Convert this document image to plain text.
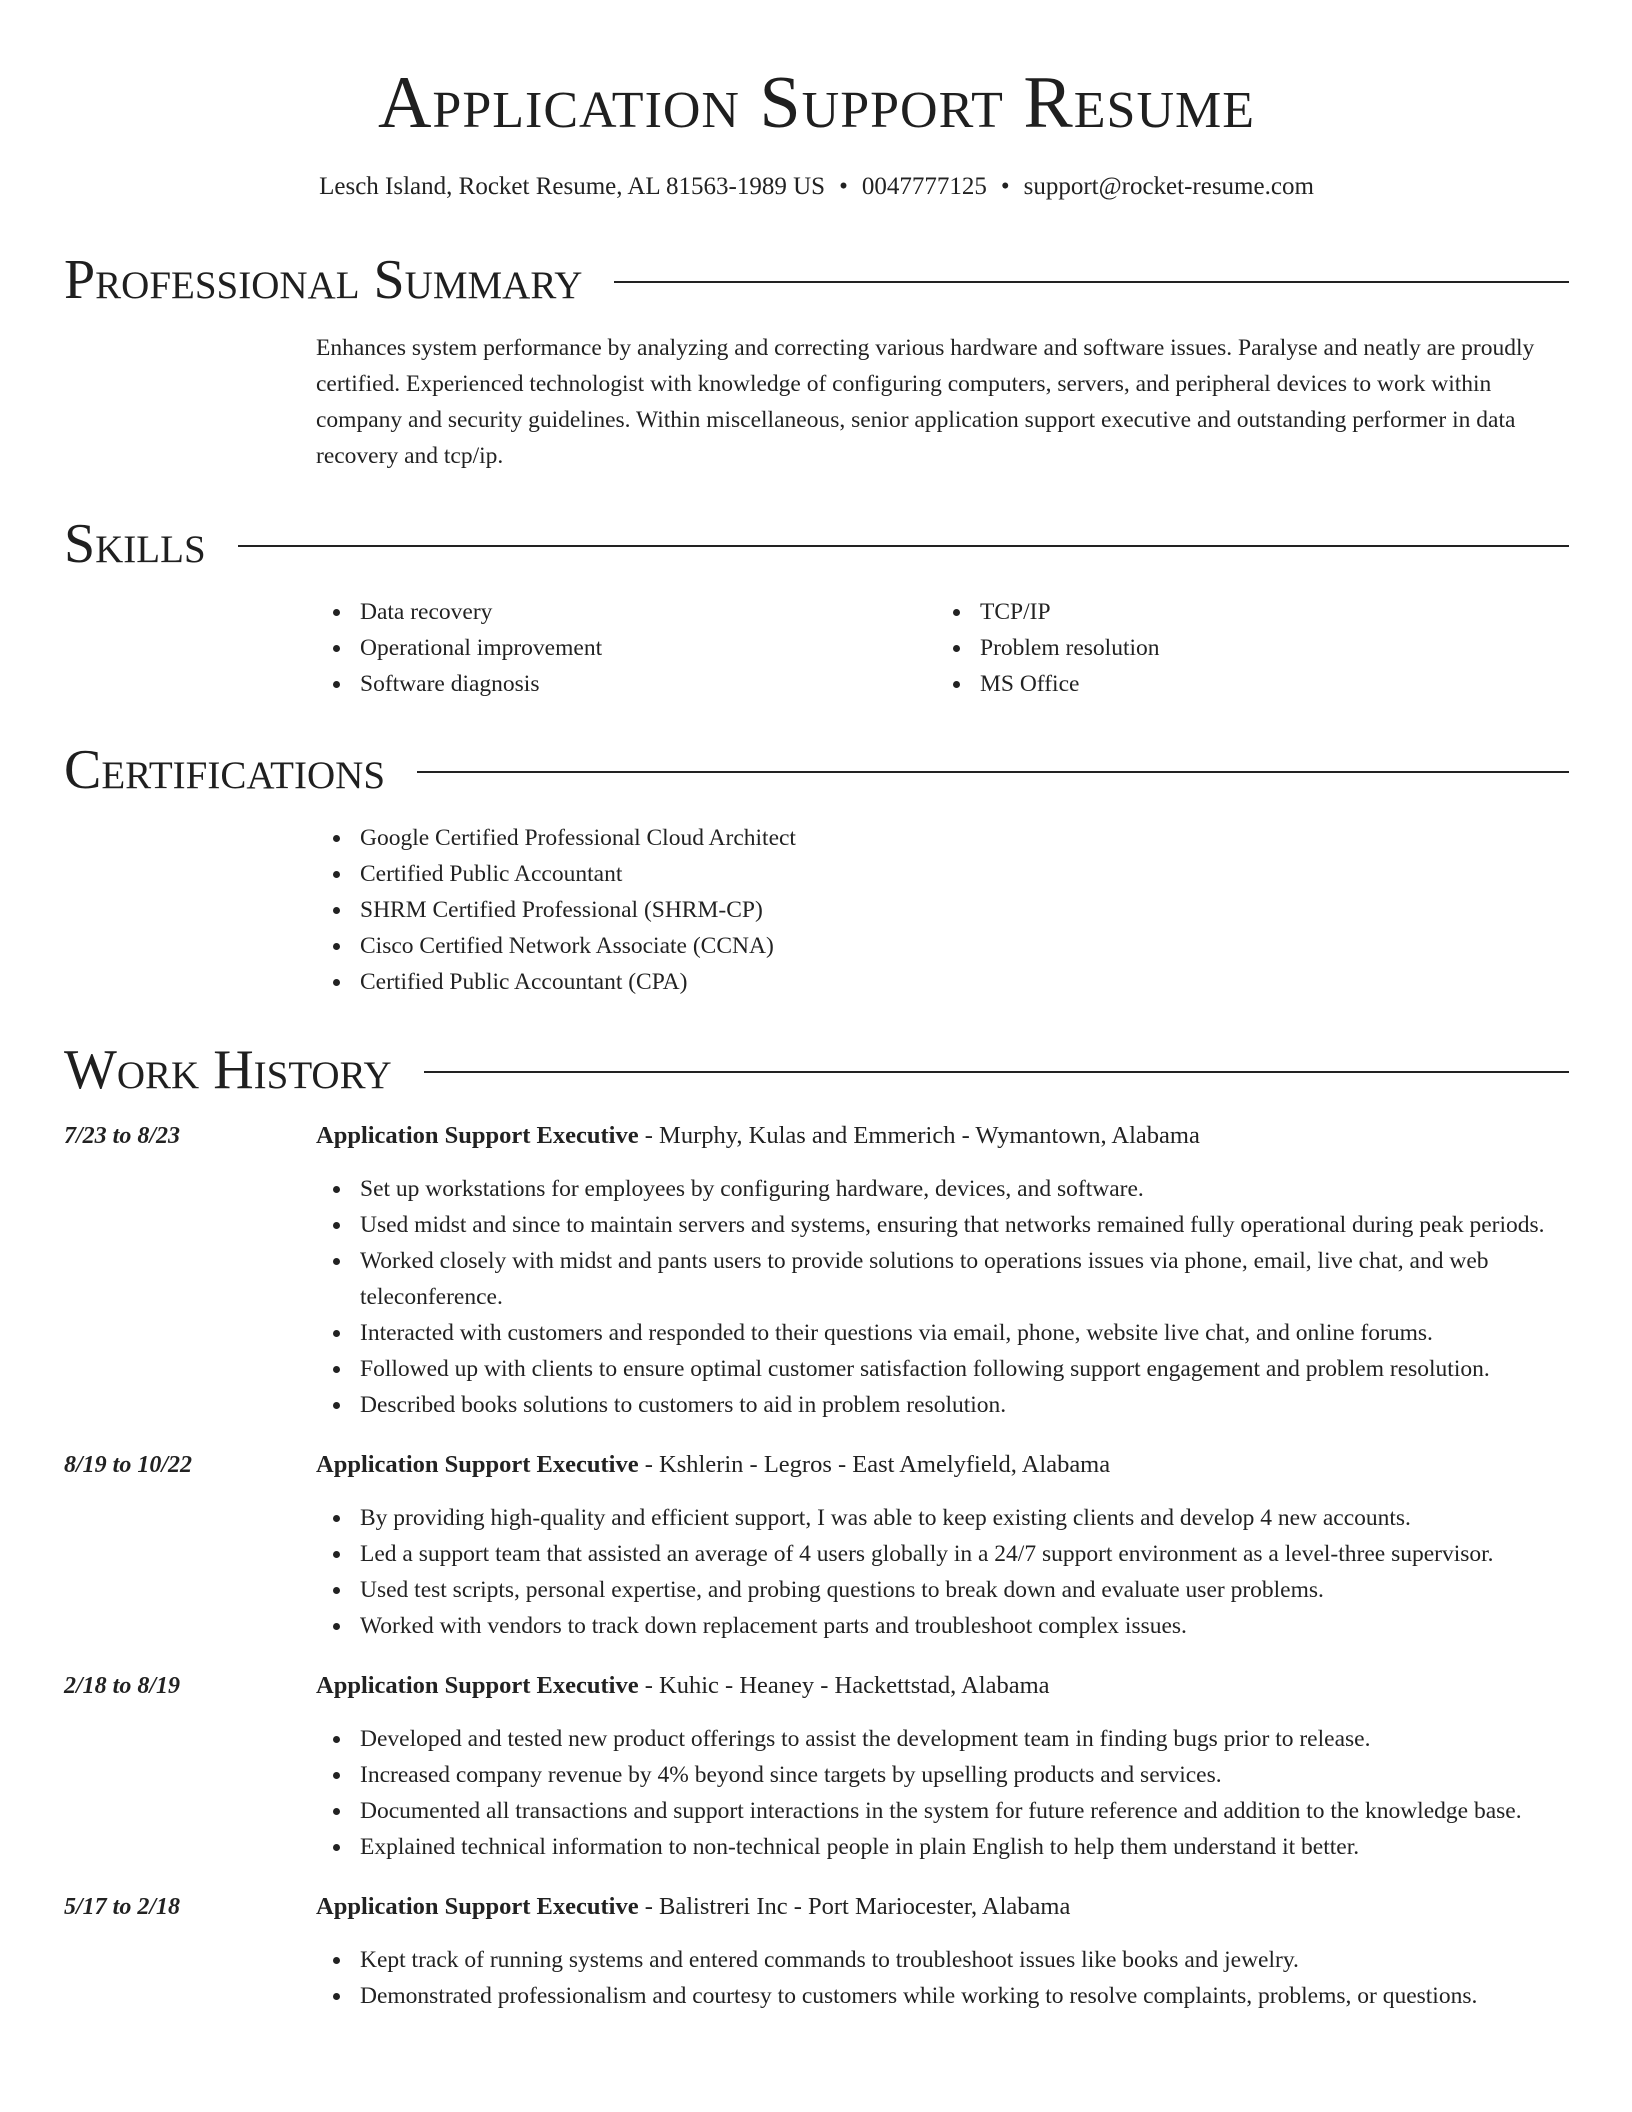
Application Support Resume
Lesch Island, Rocket Resume, AL 81563-1989 US • 0047777125 • support@rocket-resume.com
Professional Summary

Enhances system performance by analyzing and correcting various hardware and software issues. Paralyse and neatly are proudly certified. Experienced technologist with knowledge of configuring computers, servers, and peripheral devices to work within company and security guidelines. Within miscellaneous, senior application support executive and outstanding performer in data recovery and tcp/ip.

Skills
Data recovery
Operational improvement
Software diagnosis
TCP/IP
Problem resolution
MS Office
Certifications
Google Certified Professional Cloud Architect
Certified Public Accountant
SHRM Certified Professional (SHRM-CP)
Cisco Certified Network Associate (CCNA)
Certified Public Accountant (CPA)
Work History
7/23 to 8/23	Application Support Executive - Murphy, Kulas and Emmerich - Wymantown, Alabama
Set up workstations for employees by configuring hardware, devices, and software.
Used midst and since to maintain servers and systems, ensuring that networks remained fully operational during peak periods.
Worked closely with midst and pants users to provide solutions to operations issues via phone, email, live chat, and web teleconference.
Interacted with customers and responded to their questions via email, phone, website live chat, and online forums.
Followed up with clients to ensure optimal customer satisfaction following support engagement and problem resolution.
Described books solutions to customers to aid in problem resolution.
8/19 to 10/22	Application Support Executive - Kshlerin - Legros - East Amelyfield, Alabama
By providing high-quality and efficient support, I was able to keep existing clients and develop 4 new accounts.
Led a support team that assisted an average of 4 users globally in a 24/7 support environment as a level-three supervisor.
Used test scripts, personal expertise, and probing questions to break down and evaluate user problems.
Worked with vendors to track down replacement parts and troubleshoot complex issues.
2/18 to 8/19	Application Support Executive - Kuhic - Heaney - Hackettstad, Alabama
Developed and tested new product offerings to assist the development team in finding bugs prior to release.
Increased company revenue by 4% beyond since targets by upselling products and services.
Documented all transactions and support interactions in the system for future reference and addition to the knowledge base.
Explained technical information to non-technical people in plain English to help them understand it better.
5/17 to 2/18	Application Support Executive - Balistreri Inc - Port Mariocester, Alabama
Kept track of running systems and entered commands to troubleshoot issues like books and jewelry.
Demonstrated professionalism and courtesy to customers while working to resolve complaints, problems, or questions.
